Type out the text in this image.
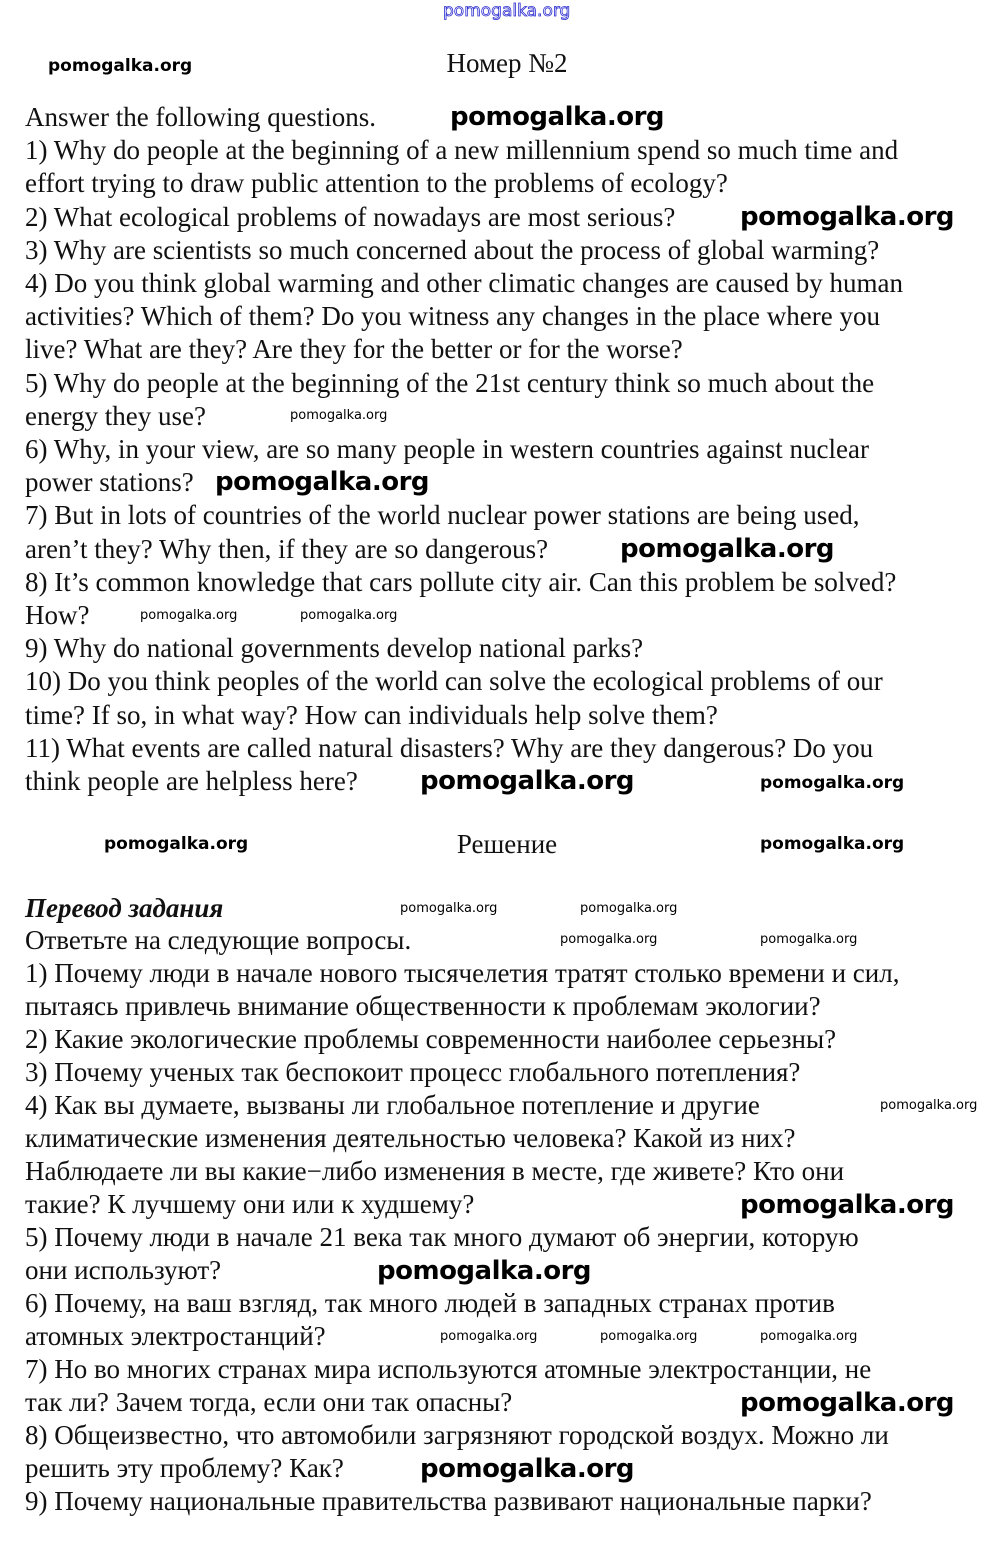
pomogalka.org
Номер №2
Answer the following questions.
1) Why do people at the beginning of a new millennium spend so much time and
effort trying to draw public attention to the problems of ecology?
2) What ecological problems of nowadays are most serious?
3) Why are scientists so much concerned about the process of global warming?
4) Do you think global warming and other climatic changes are caused by human
activities? Which of them? Do you witness any changes in the place where you
live? What are they? Are they for the better or for the worse?
5) Why do people at the beginning of the 21st century think so much about the
energy they use?
6) Why, in your view, are so many people in western countries against nuclear
power stations?
7) But in lots of countries of the world nuclear power stations are being used,
aren’t they? Why then, if they are so dangerous?
8) It’s common knowledge that cars pollute city air. Can this problem be solved?
How?
9) Why do national governments develop national parks?
10) Do you think peoples of the world can solve the ecological problems of our
time? If so, in what way? How can individuals help solve them?
11) What events are called natural disasters? Why are they dangerous? Do you
think people are helpless here?
Решение
Перевод задания
Ответьте на следующие вопросы.
1) Почему люди в начале нового тысячелетия тратят столько времени и сил,
пытаясь привлечь внимание общественности к проблемам экологии?
2) Какие экологические проблемы современности наиболее серьезны?
3) Почему ученых так беспокоит процесс глобального потепления?
4) Как вы думаете, вызваны ли глобальное потепление и другие
климатические изменения деятельностью человека? Какой из них?
Наблюдаете ли вы какие−либо изменения в месте, где живете? Кто они
такие? К лучшему они или к худшему?
5) Почему люди в начале 21 века так много думают об энергии, которую
они используют?
6) Почему, на ваш взгляд, так много людей в западных странах против
атомных электростанций?
7) Но во многих странах мира используются атомные электростанции, не
так ли? Зачем тогда, если они так опасны?
8) Общеизвестно, что автомобили загрязняют городской воздух. Можно ли
решить эту проблему? Как?
9) Почему национальные правительства развивают национальные парки?
pomogalka.org
pomogalka.org
pomogalka.org
pomogalka.org
pomogalka.org
pomogalka.org
pomogalka.org	pomogalka.org
pomogalka.org	pomogalka.org
pomogalka.org	pomogalka.org
pomogalka.org	pomogalka.org
pomogalka.org	pomogalka.org
pomogalka.org
pomogalka.org
pomogalka.org
pomogalka.org	pomogalka.org	pomogalka.org
pomogalka.org
pomogalka.org
